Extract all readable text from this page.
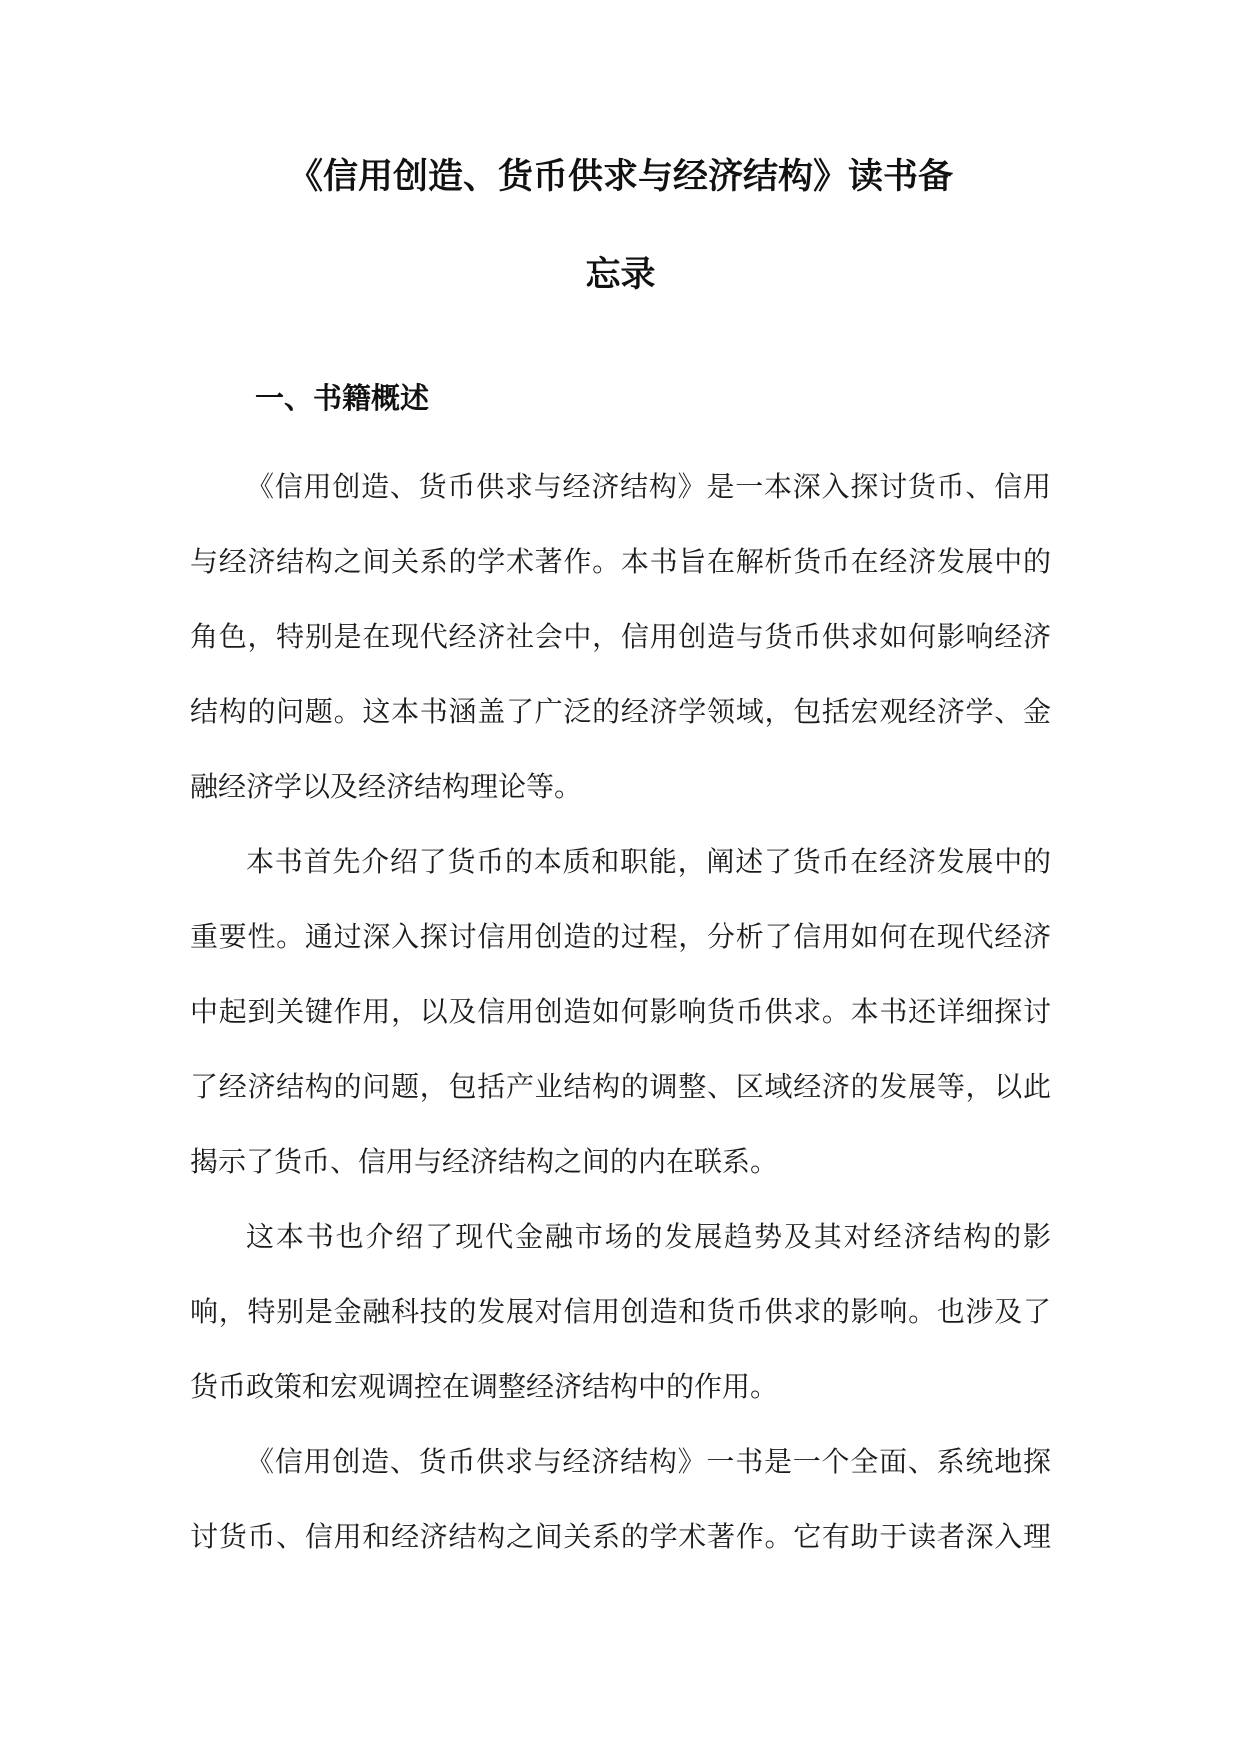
《信用创造、货币供求与经济结构》读书备
忘录
一、书籍概述
《信用创造、货币供求与经济结构》是一本深入探讨货币、信用
与经济结构之间关系的学术著作。本书旨在解析货币在经济发展中的
角色，特别是在现代经济社会中，信用创造与货币供求如何影响经济
结构的问题。这本书涵盖了广泛的经济学领域，包括宏观经济学、金
融经济学以及经济结构理论等。
本书首先介绍了货币的本质和职能，阐述了货币在经济发展中的
重要性。通过深入探讨信用创造的过程，分析了信用如何在现代经济
中起到关键作用，以及信用创造如何影响货币供求。本书还详细探讨
了经济结构的问题，包括产业结构的调整、区域经济的发展等，以此
揭示了货币、信用与经济结构之间的内在联系。
这本书也介绍了现代金融市场的发展趋势及其对经济结构的影
响，特别是金融科技的发展对信用创造和货币供求的影响。也涉及了
货币政策和宏观调控在调整经济结构中的作用。
《信用创造、货币供求与经济结构》一书是一个全面、系统地探
讨货币、信用和经济结构之间关系的学术著作。它有助于读者深入理
